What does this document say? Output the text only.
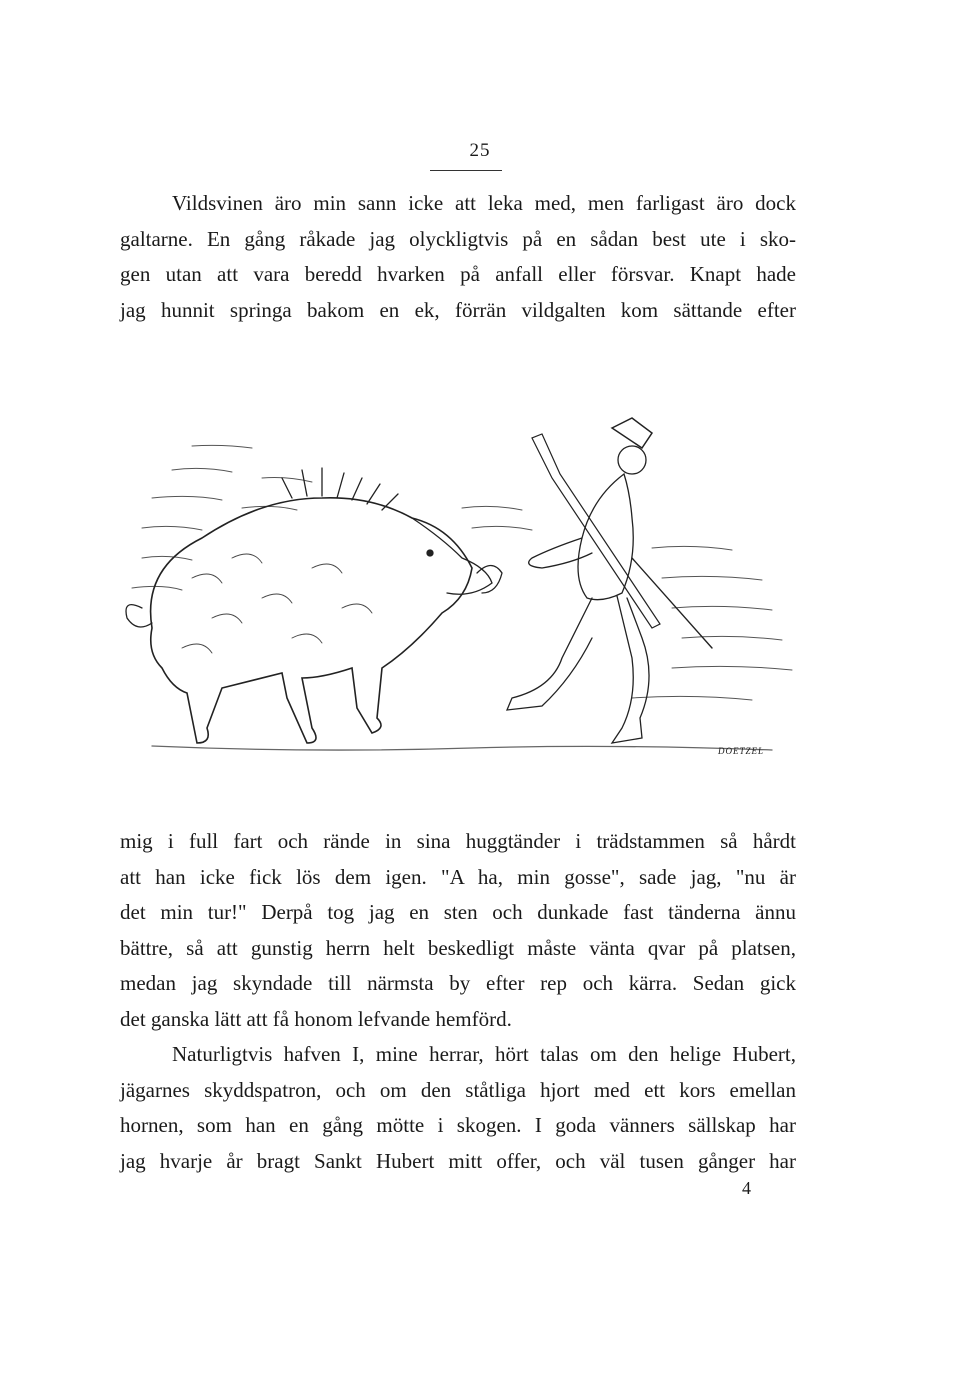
25
Vildsvinen äro min sann icke att leka med, men farligast äro dock
galtarne. En gång råkade jag olyckligtvis på en sådan best ute i sko-
gen utan att vara beredd hvarken på anfall eller försvar. Knapt hade
jag hunnit springa bakom en ek, förrän vildgalten kom sättande efter
DOETZEL
mig i full fart och rände in sina huggtänder i trädstammen så hårdt
att han icke fick lös dem igen. "A ha, min gosse", sade jag, "nu är
det min tur!" Derpå tog jag en sten och dunkade fast tänderna ännu
bättre, så att gunstig herrn helt beskedligt måste vänta qvar på platsen,
medan jag skyndade till närmsta by efter rep och kärra. Sedan gick
det ganska lätt att få honom lefvande hemförd.
Naturligtvis hafven I, mine herrar, hört talas om den helige Hubert,
jägarnes skyddspatron, och om den ståtliga hjort med ett kors emellan
hornen, som han en gång mötte i skogen. I goda vänners sällskap har
jag hvarje år bragt Sankt Hubert mitt offer, och väl tusen gånger har
4
